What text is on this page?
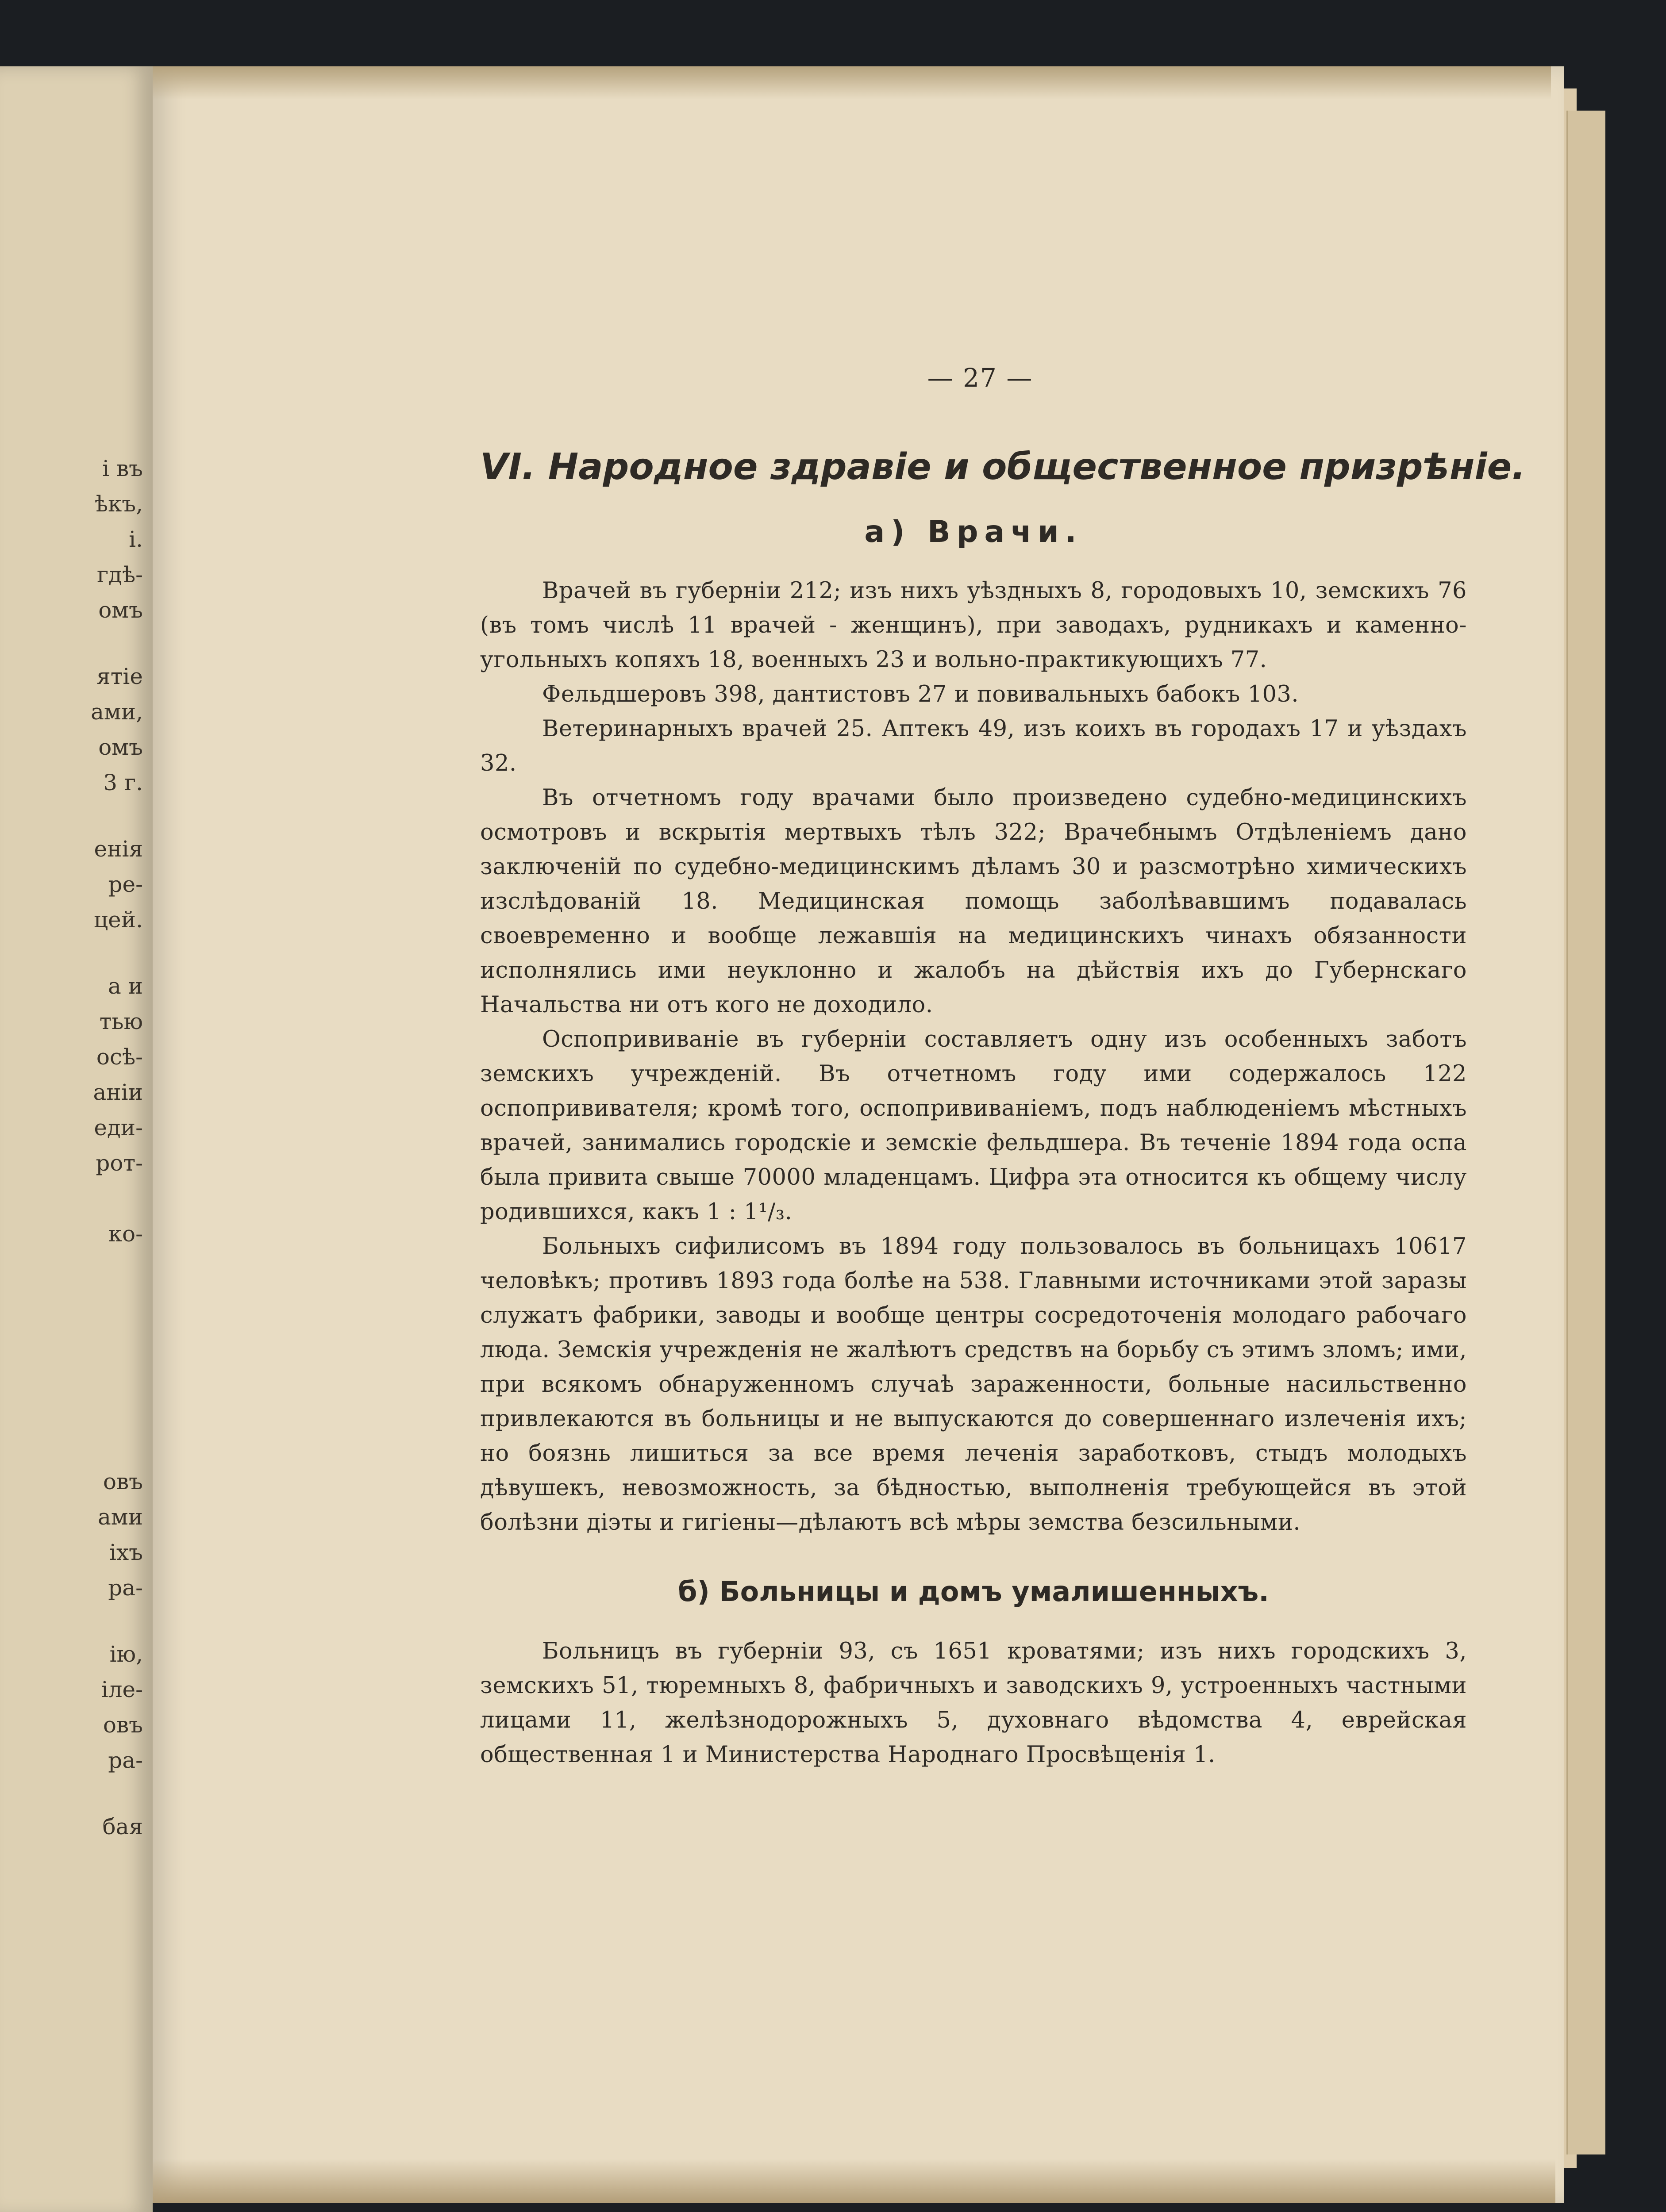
і въ
ѣкъ,
і.
гдѣ-
омъ
ятіе
ами,
омъ
3 г.
енія
ре-
цей.
а и
тью
осѣ-
аніи
еди-
рот-
ко-
овъ
ами
іхъ
ра-
ію,
іле-
овъ
ра-
бая
— 27 —
VI. Народное здравіе и общественное призрѣніе.
а) Врачи.

Врачей въ губерніи 212; изъ нихъ уѣздныхъ 8, городовыхъ 10, земскихъ 76 (въ томъ числѣ 11 врачей - женщинъ), при заводахъ, рудникахъ и каменно-угольныхъ копяхъ 18, военныхъ 23 и вольно-практикующихъ 77.

Фельдшеровъ 398, дантистовъ 27 и повивальныхъ бабокъ 103.

Ветеринарныхъ врачей 25. Аптекъ 49, изъ коихъ въ городахъ 17 и уѣздахъ 32.

Въ отчетномъ году врачами было произведено судебно-медицинскихъ осмотровъ и вскрытія мертвыхъ тѣлъ 322; Врачебнымъ Отдѣленіемъ дано заключеній по судебно-медицинскимъ дѣламъ 30 и разсмотрѣно химическихъ изслѣдованій 18. Медицинская помощь заболѣвавшимъ подавалась своевременно и вообще лежавшія на медицинскихъ чинахъ обязанности исполнялись ими неуклонно и жалобъ на дѣйствія ихъ до Губернскаго Начальства ни отъ кого не доходило.

Оспопрививаніе въ губерніи составляетъ одну изъ особенныхъ заботъ земскихъ учрежденій. Въ отчетномъ году ими содержалось 122 оспопрививателя; кромѣ того, оспопрививаніемъ, подъ наблюденіемъ мѣстныхъ врачей, занимались городскіе и земскіе фельдшера. Въ теченіе 1894 года оспа была привита свыше 70000 младенцамъ. Цифра эта относится къ общему числу родившихся, какъ 1 : 1¹/₃.

Больныхъ сифилисомъ въ 1894 году пользовалось въ больницахъ 10617 человѣкъ; противъ 1893 года болѣе на 538. Главными источниками этой заразы служатъ фабрики, заводы и вообще центры сосредоточенія молодаго рабочаго люда. Земскія учрежденія не жалѣютъ средствъ на борьбу съ этимъ зломъ; ими, при всякомъ обнаруженномъ случаѣ зараженности, больные насильственно привлекаются въ больницы и не выпускаются до совершеннаго излеченія ихъ; но боязнь лишиться за все время леченія заработковъ, стыдъ молодыхъ дѣвушекъ, невозможность, за бѣдностью, выполненія требующейся въ этой болѣзни діэты и гигіены—дѣлаютъ всѣ мѣры земства безсильными.

б) Больницы и домъ умалишенныхъ.

Больницъ въ губерніи 93, съ 1651 кроватями; изъ нихъ городскихъ 3, земскихъ 51, тюремныхъ 8, фабричныхъ и заводскихъ 9, устроенныхъ частными лицами 11, желѣзнодорожныхъ 5, духовнаго вѣдомства 4, еврейская общественная 1 и Министерства Народнаго Просвѣщенія 1.
